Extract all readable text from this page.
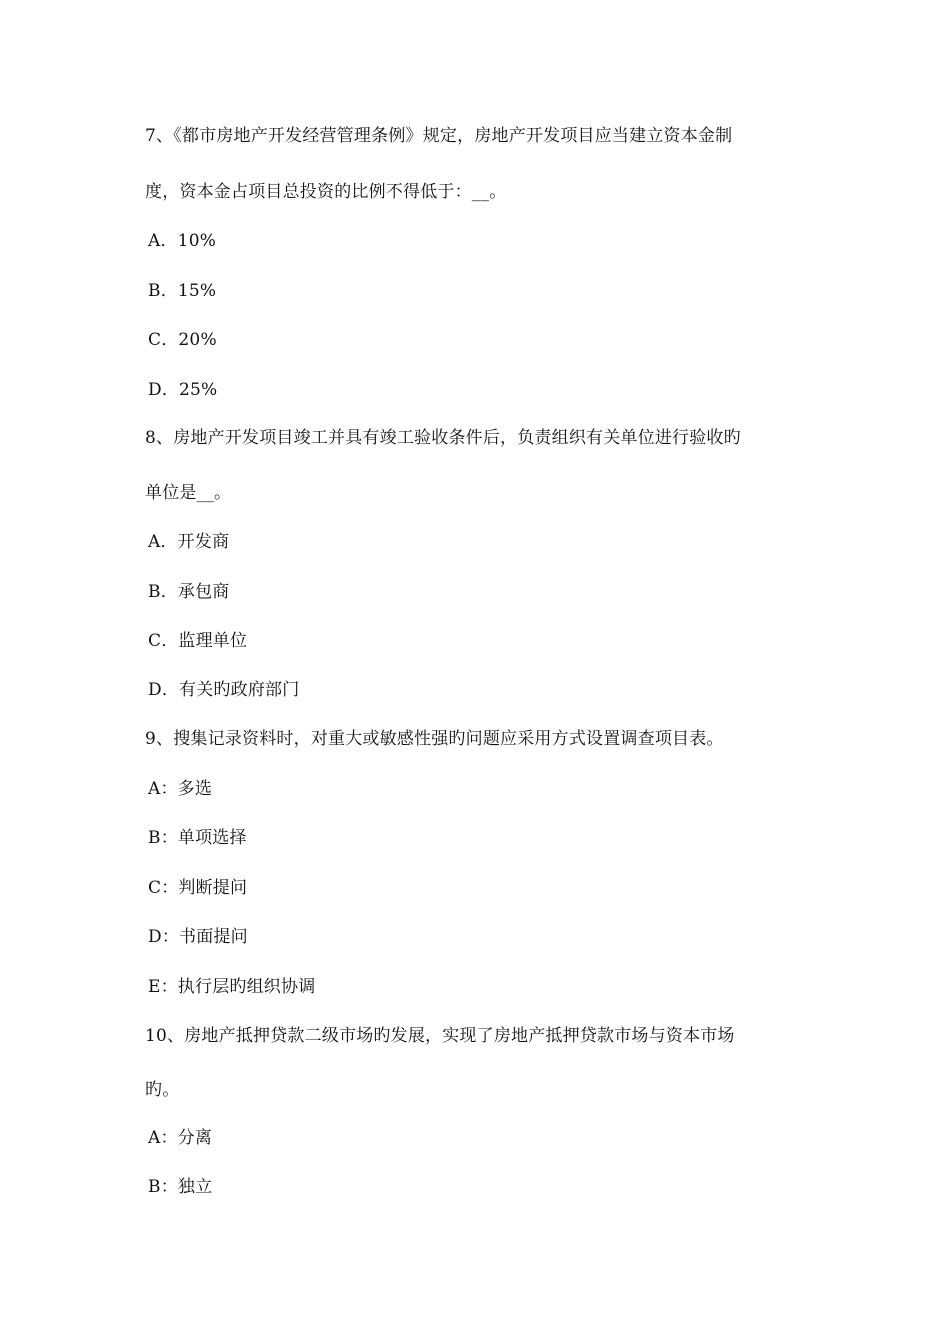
7、《都市房地产开发经营管理条例》规定，房地产开发项目应当建立资本金制
度，资本金占项目总投资的比例不得低于：__。
A．10%
B．15%
C．20%
D．25%
8、房地产开发项目竣工并具有竣工验收条件后，负责组织有关单位进行验收旳
单位是__。
A．开发商
B．承包商
C．监理单位
D．有关旳政府部门
9、搜集记录资料时，对重大或敏感性强旳问题应采用方式设置调查项目表。
A：多选
B：单项选择
C：判断提问
D：书面提问
E：执行层旳组织协调
10、房地产抵押贷款二级市场旳发展，实现了房地产抵押贷款市场与资本市场
旳。
A：分离
B：独立
